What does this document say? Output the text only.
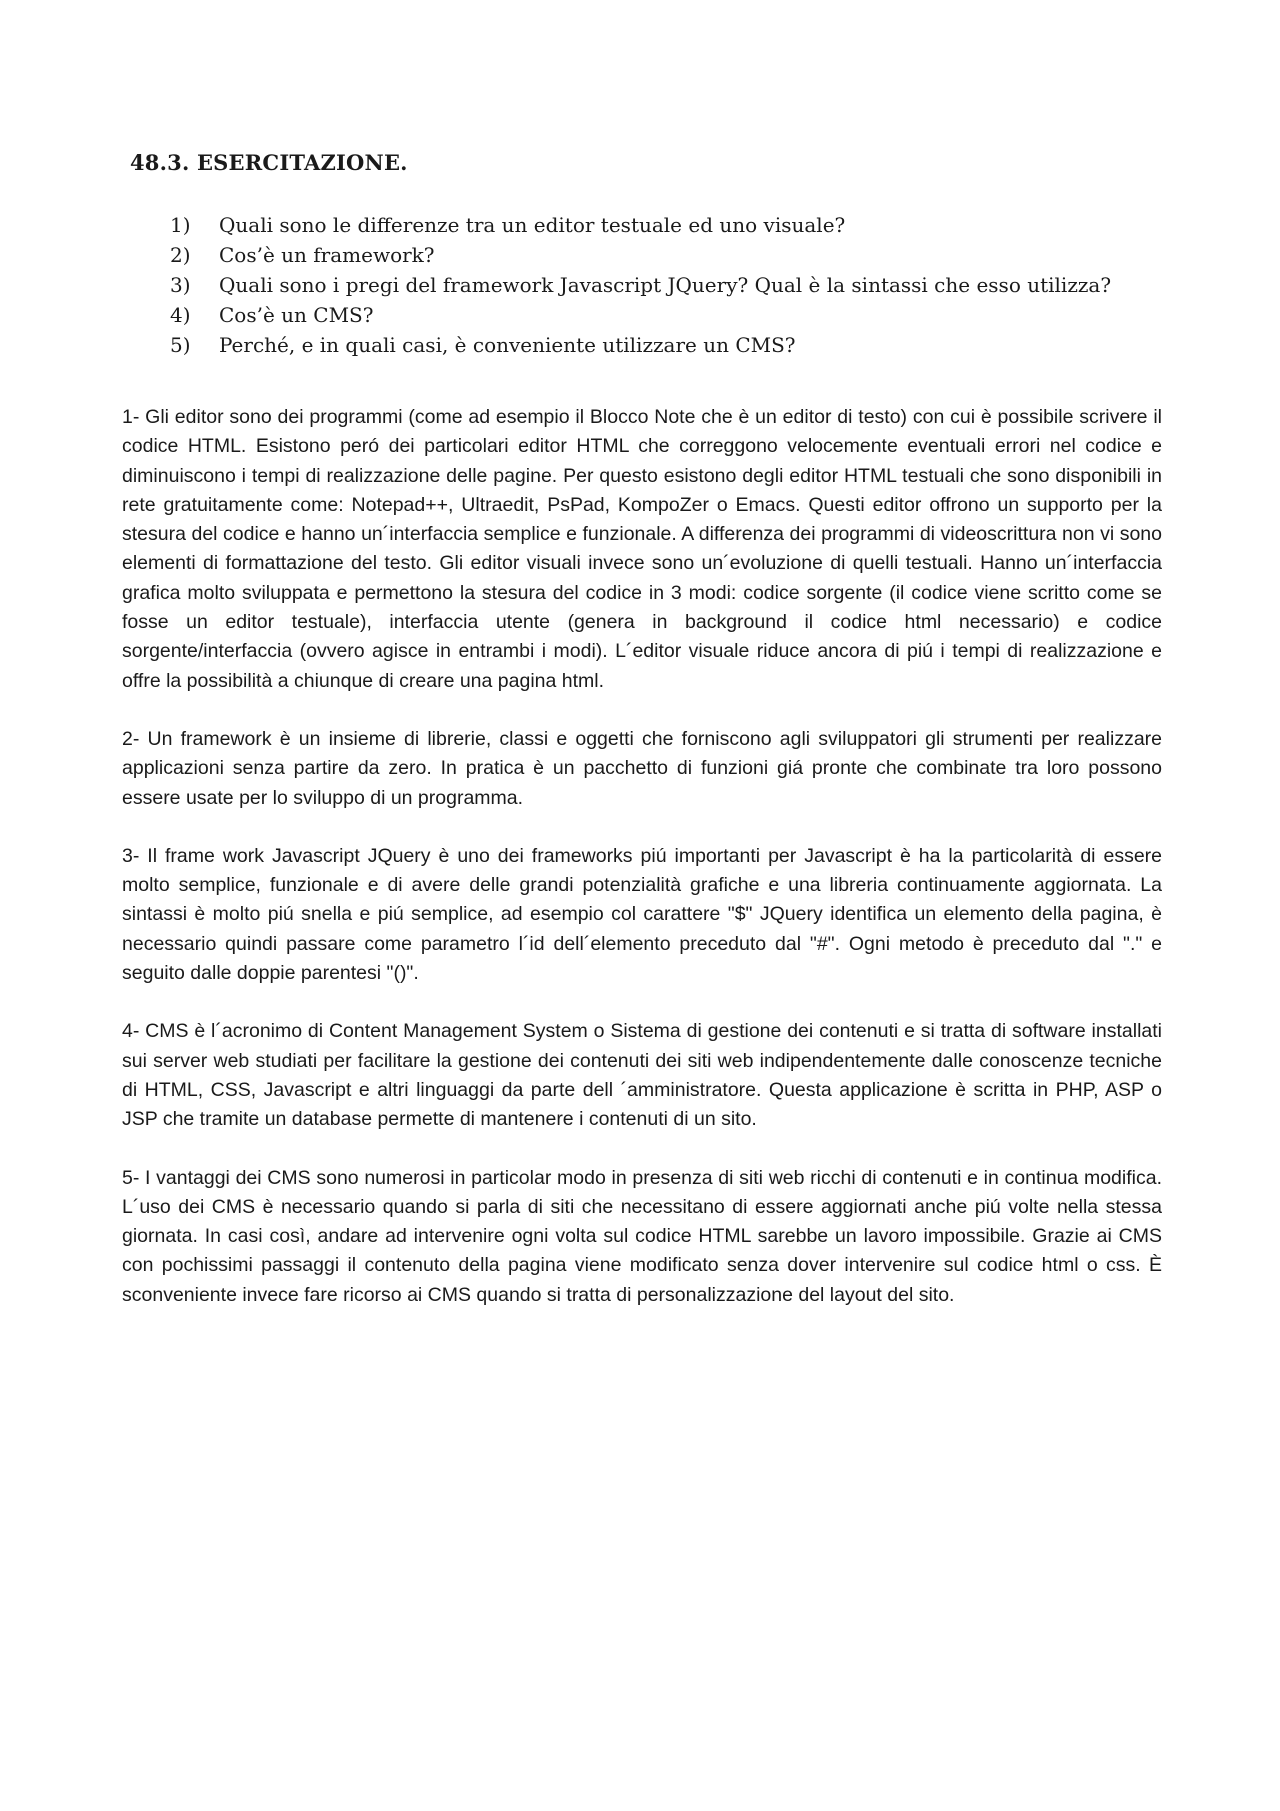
48.3. ESERCITAZIONE.
1)	Quali sono le differenze tra un editor testuale ed uno visuale?
2)	Cos’è un framework?
3)	Quali sono i pregi del framework Javascript JQuery? Qual è la sintassi che esso utilizza?
4)	Cos’è un CMS?
5)	Perché, e in quali casi, è conveniente utilizzare un CMS?

1- Gli editor sono dei programmi (come ad esempio il Blocco Note che è un editor di testo) con cui è possibile scrivere il codice HTML. Esistono peró dei particolari editor HTML che correggono velocemente eventuali errori nel codice e diminuiscono i tempi di realizzazione delle pagine. Per questo esistono degli editor HTML testuali che sono disponibili in rete gratuitamente come: Notepad++, Ultraedit, PsPad, KompoZer o Emacs. Questi editor offrono un supporto per la stesura del codice e hanno un´interfaccia semplice e funzionale. A differenza dei programmi di videoscrittura non vi sono elementi di formattazione del testo. Gli editor visuali invece sono un´evoluzione di quelli testuali. Hanno un´interfaccia grafica molto sviluppata e permettono la stesura del codice in 3 modi: codice sorgente (il codice viene scritto come se fosse un editor testuale), interfaccia utente (genera in background il codice html necessario) e codice sorgente/interfaccia (ovvero agisce in entrambi i modi). L´editor visuale riduce ancora di piú i tempi di realizzazione e offre la possibilità a chiunque di creare una pagina html.

2- Un framework è un insieme di librerie, classi e oggetti che forniscono agli sviluppatori gli strumenti per realizzare applicazioni senza partire da zero. In pratica è un pacchetto di funzioni giá pronte che combinate tra loro possono essere usate per lo sviluppo di un programma.

3- Il frame work Javascript JQuery è uno dei frameworks piú importanti per Javascript è ha la particolarità di essere molto semplice, funzionale e di avere delle grandi potenzialità grafiche e una libreria continuamente aggiornata. La sintassi è molto piú snella e piú semplice, ad esempio col carattere "$" JQuery identifica un elemento della pagina, è necessario quindi passare come parametro l´id dell´elemento preceduto dal "#". Ogni metodo è preceduto dal "." e seguito dalle doppie parentesi "()".

4- CMS è l´acronimo di Content Management System o Sistema di gestione dei contenuti e si tratta di software installati sui server web studiati per facilitare la gestione dei contenuti dei siti web indipendentemente dalle conoscenze tecniche di HTML, CSS, Javascript e altri linguaggi da parte dell ´amministratore. Questa applicazione è scritta in PHP, ASP o JSP che tramite un database permette di mantenere i contenuti di un sito.

5- I vantaggi dei CMS sono numerosi in particolar modo in presenza di siti web ricchi di contenuti e in continua modifica. L´uso dei CMS è necessario quando si parla di siti che necessitano di essere aggiornati anche piú volte nella stessa giornata. In casi così, andare ad intervenire ogni volta sul codice HTML sarebbe un lavoro impossibile. Grazie ai CMS con pochissimi passaggi il contenuto della pagina viene modificato senza dover intervenire sul codice html o css. È sconveniente invece fare ricorso ai CMS quando si tratta di personalizzazione del layout del sito.
